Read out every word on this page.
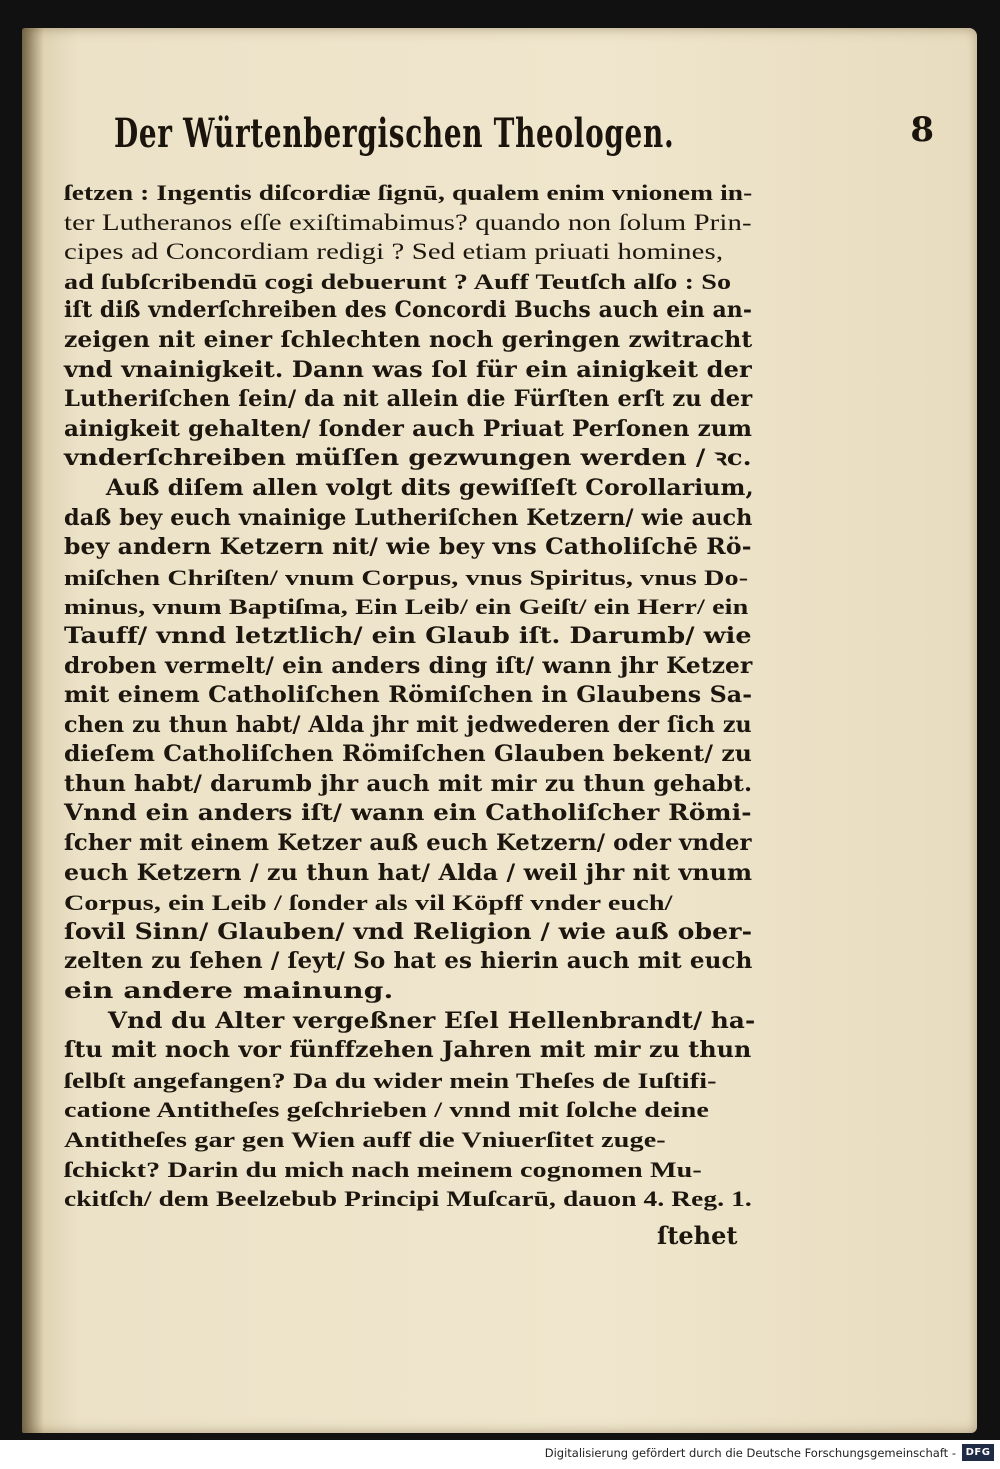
Der Würtenbergischen Theologen.	8
ſetzen : Ingentis diſcordiæ ſignū, qualem enim vnionem in-
ter Lutheranos eſſe exiſtimabimus? quando non ſolum Prin-
cipes ad Concordiam redigi ? Sed etiam priuati homines,
ad ſubſcribendū cogi debuerunt ? Auff Teutſch alſo : So
iſt diß vnderſchreiben des Concordi Buchs auch ein an-
zeigen nit einer ſchlechten noch geringen zwitracht
vnd vnainigkeit. Dann was ſol für ein ainigkeit der
Lutheriſchen ſein/ da nit allein die Fürſten erſt zu der
ainigkeit gehalten/ ſonder auch Priuat Perſonen zum
vnderſchreiben müſſen gezwungen werden / ꝛc.
Auß diſem allen volgt dits gewiſſeſt Corollarium,
daß bey euch vnainige Lutheriſchen Ketzern/ wie auch
bey andern Ketzern nit/ wie bey vns Catholiſchē Rö-
miſchen Chriſten/ vnum Corpus, vnus Spiritus, vnus Do-
minus, vnum Baptiſma, Ein Leib/ ein Geiſt/ ein Herr/ ein
Tauff/ vnnd letztlich/ ein Glaub iſt. Darumb/ wie
droben vermelt/ ein anders ding iſt/ wann jhr Ketzer
mit einem Catholiſchen Römiſchen in Glaubens Sa-
chen zu thun habt/ Alda jhr mit jedwederen der ſich zu
dieſem Catholiſchen Römiſchen Glauben bekent/ zu
thun habt/ darumb jhr auch mit mir zu thun gehabt.
Vnnd ein anders iſt/ wann ein Catholiſcher Römi-
ſcher mit einem Ketzer auß euch Ketzern/ oder vnder
euch Ketzern / zu thun hat/ Alda / weil jhr nit vnum
Corpus, ein Leib / ſonder als vil Köpff vnder euch/
ſovil Sinn/ Glauben/ vnd Religion / wie auß ober-
zelten zu ſehen / ſeyt/ So hat es hierin auch mit euch
ein andere mainung.
Vnd du Alter vergeßner Eſel Hellenbrandt/ ha-
ſtu mit noch vor fünffzehen Jahren mit mir zu thun
ſelbſt angefangen? Da du wider mein Theſes de Iuſtifi-
catione Antitheſes geſchrieben / vnnd mit ſolche deine
Antitheſes gar gen Wien auff die Vniuerſitet zuge-
ſchickt? Darin du mich nach meinem cognomen Mu-
ckitſch/ dem Beelzebub Principi Muſcarū, dauon 4. Reg. 1.
ſtehet
Digitalisierung gefördert durch die Deutsche Forschungsgemeinschaft - DFG
